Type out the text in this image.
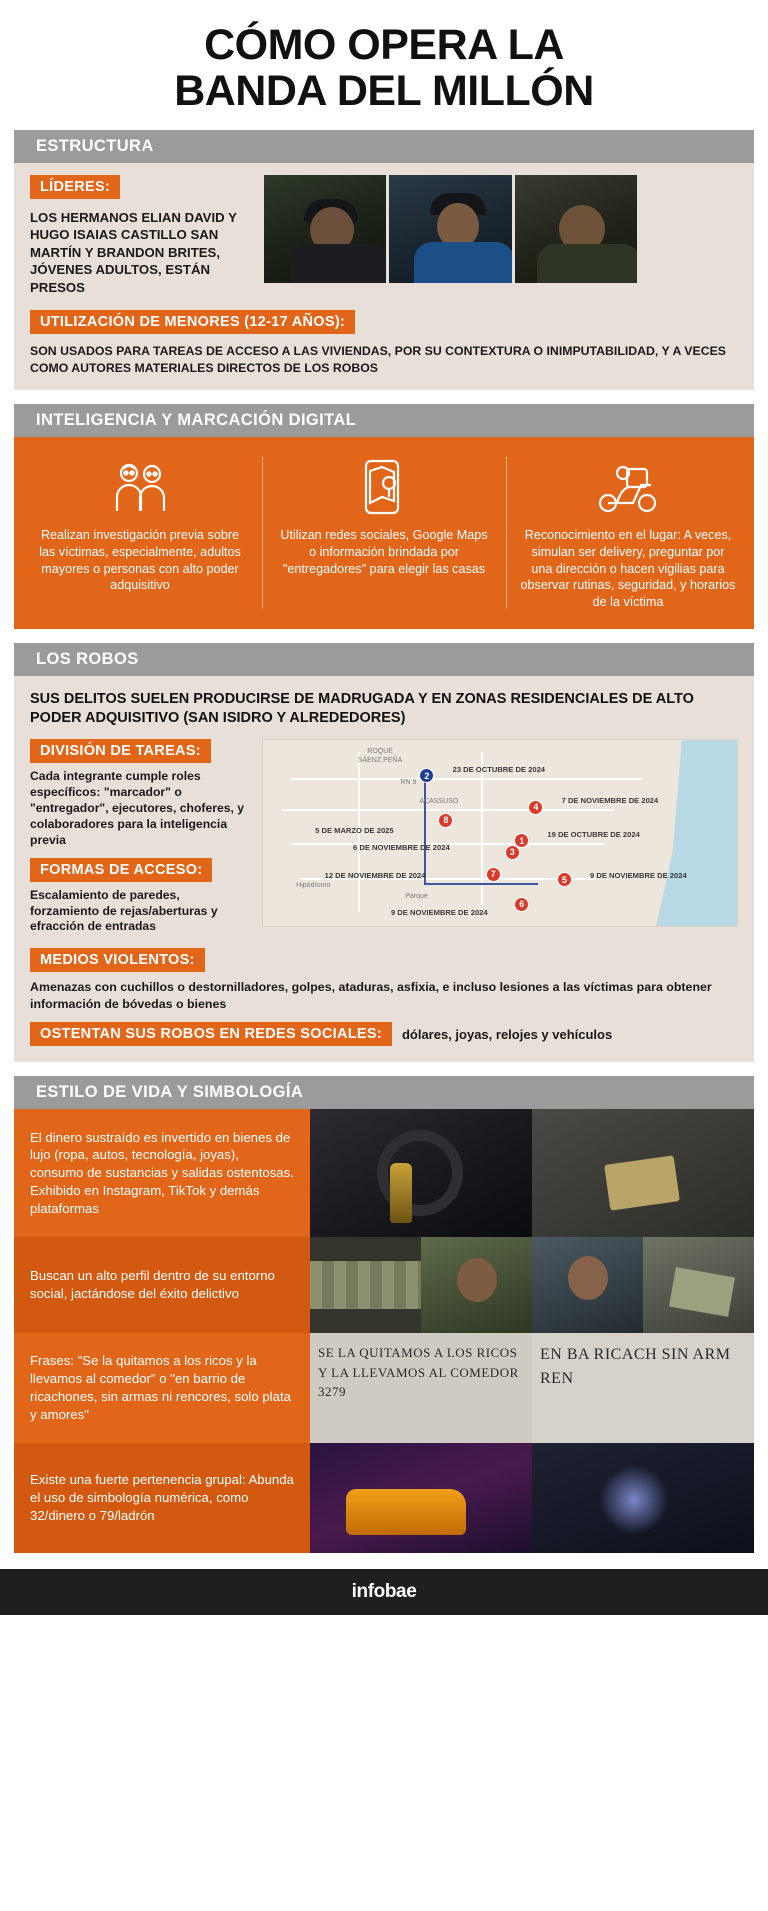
CÓMO OPERA LA
BANDA DEL MILLÓN
ESTRUCTURA
LÍDERES:
LOS HERMANOS ELIAN DAVID Y HUGO ISAIAS CASTILLO SAN MARTÍN Y BRANDON BRITES, JÓVENES ADULTOS, ESTÁN PRESOS
UTILIZACIÓN DE MENORES (12-17 AÑOS):
SON USADOS PARA TAREAS DE ACCESO A LAS VIVIENDAS, POR SU CONTEXTURA O INIMPUTABILIDAD, Y A VECES COMO AUTORES MATERIALES DIRECTOS DE LOS ROBOS
INTELIGENCIA Y MARCACIÓN DIGITAL
Realizan investigación previa sobre las víctimas, especialmente, adultos mayores o personas con alto poder adquisitivo
Utilizan redes sociales, Google Maps o información brindada por "entregadores" para elegir las casas
Reconocimiento en el lugar: A veces, simulan ser delivery, preguntar por una dirección o hacen vigilias para observar rutinas, seguridad, y horarios de la víctima
LOS ROBOS
SUS DELITOS SUELEN PRODUCIRSE DE MADRUGADA Y EN ZONAS RESIDENCIALES DE ALTO PODER ADQUISITIVO (SAN ISIDRO Y ALREDEDORES)
DIVISIÓN DE TAREAS:

Cada integrante cumple roles específicos: "marcador" o "entregador", ejecutores, choferes, y colaboradores para la inteligencia previa

FORMAS DE ACCESO:

Escalamiento de paredes, forzamiento de rejas/aberturas y efracción de entradas

ROQUE
SÁENZ PEÑA
RN 9
ACASSUSO
Hipódromo
Parque
2
23 DE OCTUBRE DE 2024
4
7 DE NOVIEMBRE DE 2024
8
5 DE MARZO DE 2025
1
19 DE OCTUBRE DE 2024
3
6 DE NOVIEMBRE DE 2024
7
12 DE NOVIEMBRE DE 2024	5	9 DE NOVIEMBRE DE 2024
6
9 DE NOVIEMBRE DE 2024
MEDIOS VIOLENTOS:
Amenazas con cuchillos o destornilladores, golpes, ataduras, asfixia, e incluso lesiones a las víctimas para obtener información de bóvedas o bienes
OSTENTAN SUS ROBOS EN REDES SOCIALES:	dólares, joyas, relojes y vehículos
ESTILO DE VIDA Y SIMBOLOGÍA
El dinero sustraído es invertido en bienes de lujo (ropa, autos, tecnología, joyas), consumo de sustancias y salidas ostentosas. Exhibido en Instagram, TikTok y demás plataformas
Buscan un alto perfil dentro de su entorno social, jactándose del éxito delictivo
Frases: "Se la quitamos a los ricos y la llevamos al comedor" o "en barrio de ricachones, sin armas ni rencores, solo plata y amores"
SE LA QUITAMOS A LOS RICOS Y LA LLEVAMOS AL COMEDOR 3279
EN BA RICACH SIN ARM REN
Existe una fuerte pertenencia grupal: Abunda el uso de simbología numérica, como 32/dinero o 79/ladrón
infobae
